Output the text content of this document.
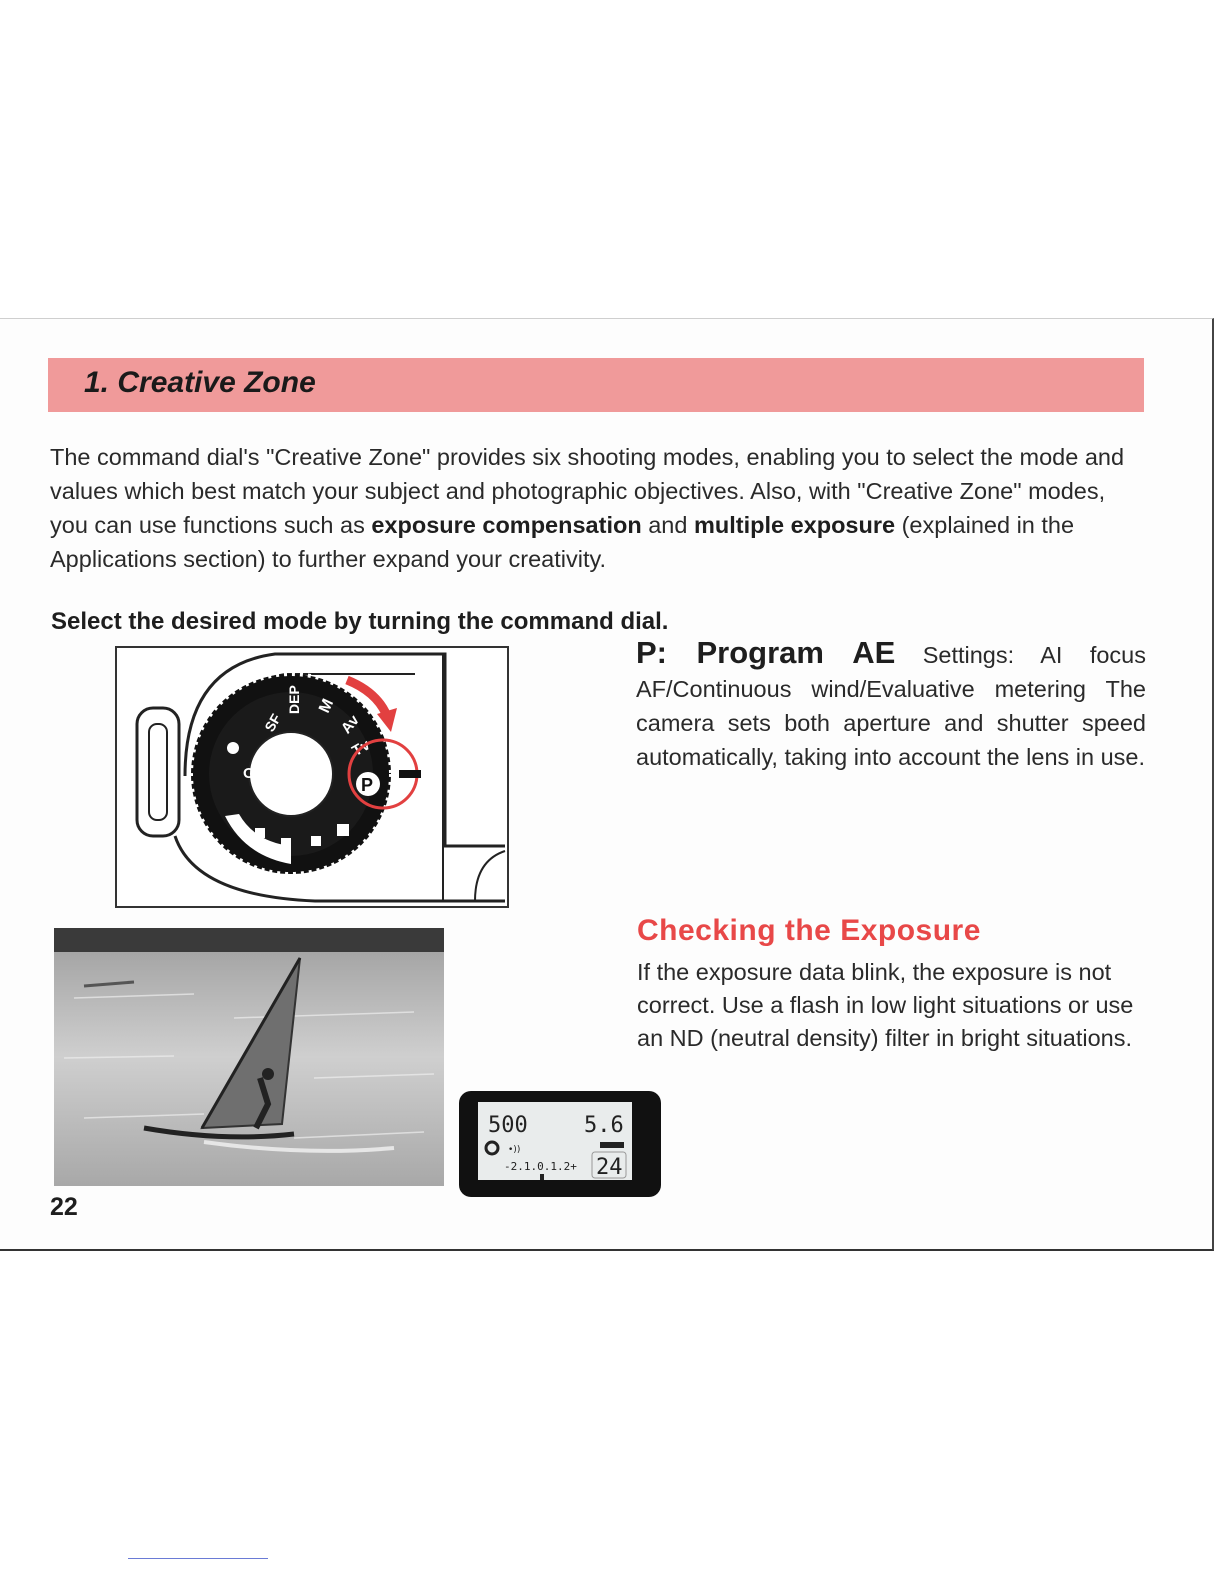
1. Creative Zone

The command dial's "Creative Zone" provides six shooting modes, enabling you to select the mode and values which best match your subject and photographic objectives. Also, with "Creative Zone" modes, you can use functions such as exposure compensation and multiple exposure (explained in the Applications section) to further expand your creativity.

Select the desired mode by turning the command dial.

OSI
SF
DEP M
Av
Tv
P
P: Program AE Settings: AI focus AF/Continuous wind/Evaluative metering The camera sets both aperture and shutter speed automatically, taking into account the lens in use.
500	5.6
•))
-2.1.0.1.2+ 24
Checking the Exposure

If the exposure data blink, the exposure is not correct. Use a flash in low light situations or use an ND (neutral density) filter in bright situations.

22
